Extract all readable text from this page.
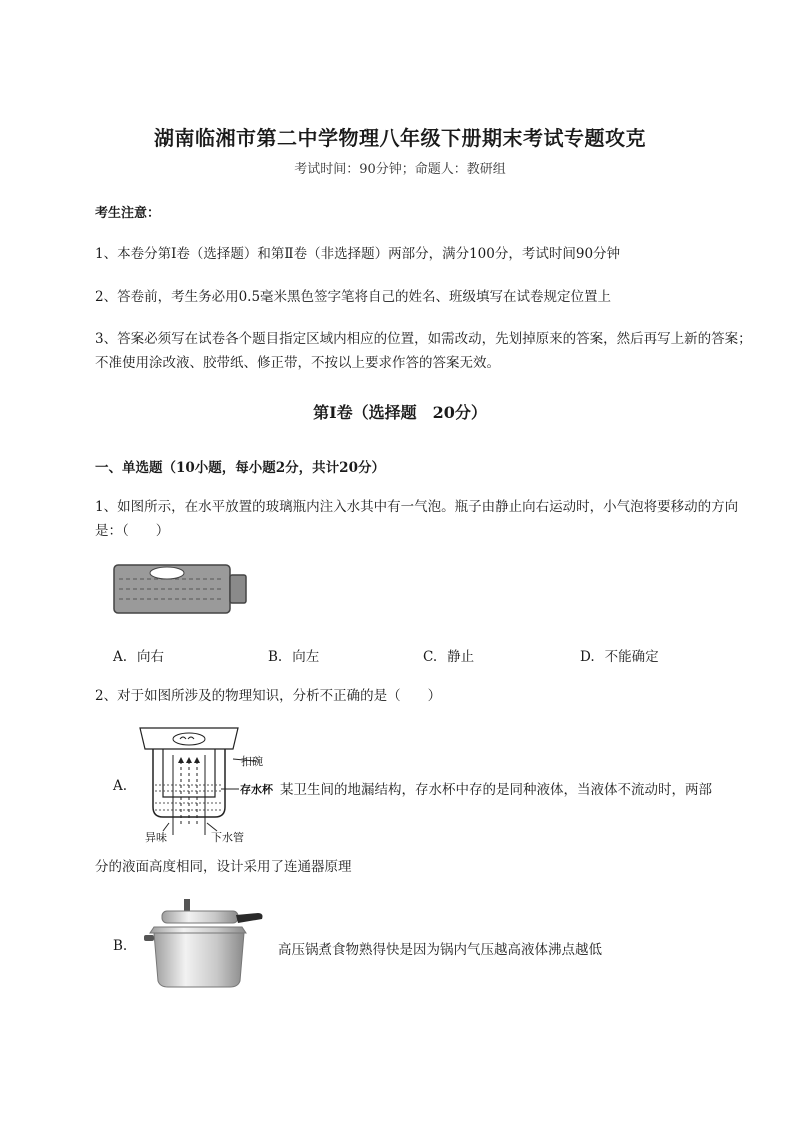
湖南临湘市第二中学物理八年级下册期末考试专题攻克
考试时间：90分钟；命题人：教研组
考生注意：
1、本卷分第I卷（选择题）和第Ⅱ卷（非选择题）两部分，满分100分，考试时间90分钟
2、答卷前，考生务必用0.5毫米黑色签字笔将自己的姓名、班级填写在试卷规定位置上
3、答案必须写在试卷各个题目指定区域内相应的位置，如需改动，先划掉原来的答案，然后再写上新的答案；不准使用涂改液、胶带纸、修正带，不按以上要求作答的答案无效。
第I卷（选择题　20分）
一、单选题（10小题，每小题2分，共计20分）
1、如图所示，在水平放置的玻璃瓶内注入水其中有一气泡。瓶子由静止向右运动时，小气泡将要移动的方向是：（　　）
A. 向右	B. 向左	C. 静止	D. 不能确定
2、对于如图所涉及的物理知识，分析不正确的是（　　）
A.
扣碗
存水杯
异味	下水管
某卫生间的地漏结构，存水杯中存的是同种液体，当液体不流动时，两部
分的液面高度相同，设计采用了连通器原理
B.	高压锅煮食物熟得快是因为锅内气压越高液体沸点越低
